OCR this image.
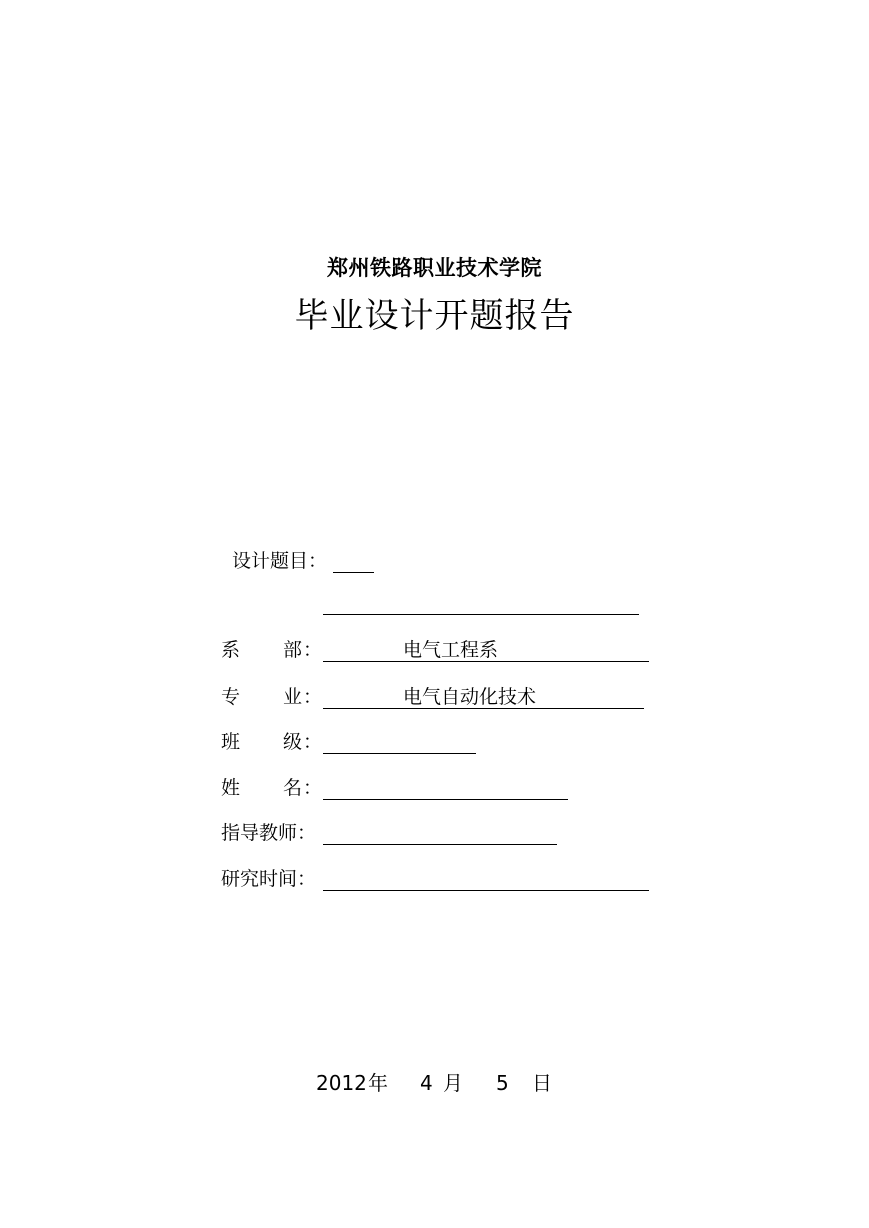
郑州铁路职业技术学院
毕业设计开题报告
设计题目：
系 部 ：	电气工程系
专 业 ：	电气自动化技术
班 级 ：
姓 名 ：
指导教师：
研究时间：
2012 年 4 月 5 日
